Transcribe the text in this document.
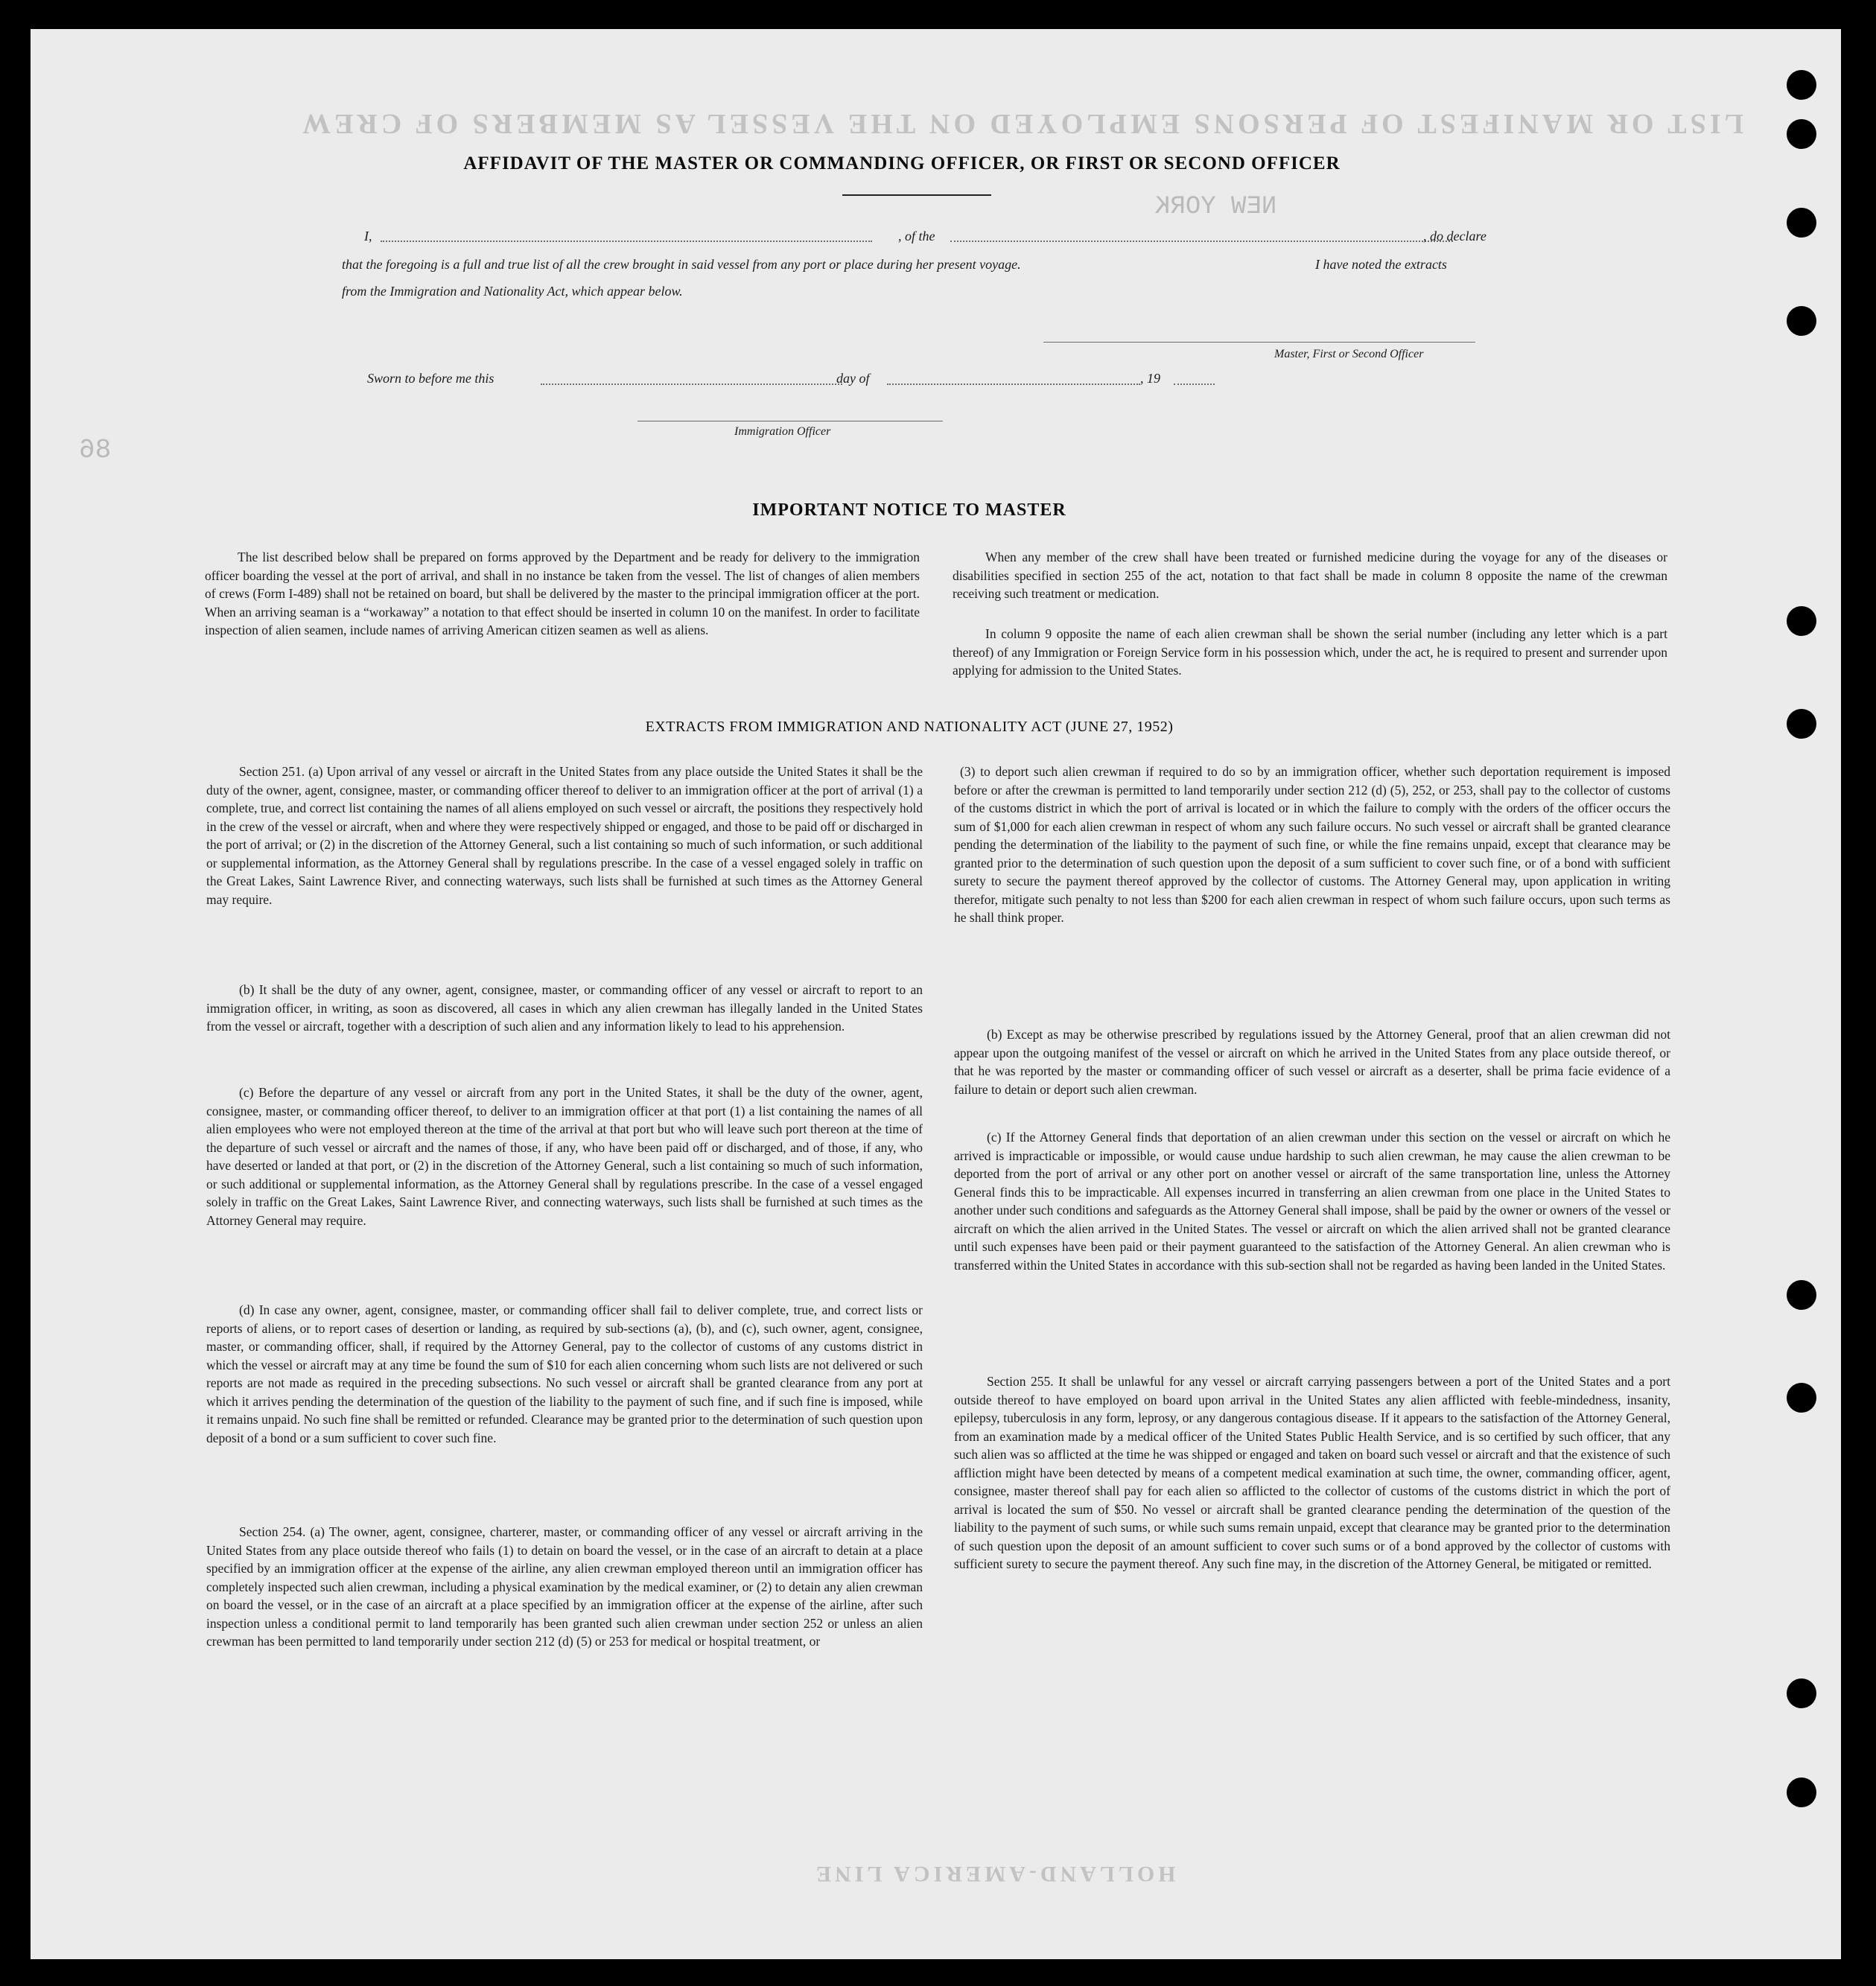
LIST OR MANIFEST OF PERSONS EMPLOYED ON THE VESSEL AS MEMBERS OF CREW
NEW YORK
86
HOLLAND-AMERICA LINE
AFFIDAVIT OF THE MASTER OR COMMANDING OFFICER, OR FIRST OR SECOND OFFICER
I,	, of the	, do declare
that the foregoing is a full and true list of all the crew brought in said vessel from any port or place during her present voyage.	I have noted the extracts
from the Immigration and Nationality Act, which appear below.
Master, First or Second Officer
Sworn to before me this	day of	, 19
Immigration Officer
IMPORTANT NOTICE TO MASTER
The list described below shall be prepared on forms approved by the Department and be ready for delivery to the immigration officer boarding the vessel at the port of arrival, and shall in no instance be taken from the vessel. The list of changes of alien members of crews (Form I-489) shall not be retained on board, but shall be delivered by the master to the principal immigration officer at the port. When an arriving seaman is a “workaway” a notation to that effect should be inserted in column 10 on the manifest. In order to facilitate inspection of alien seamen, include names of arriving American citizen seamen as well as aliens.
When any member of the crew shall have been treated or furnished medicine during the voyage for any of the diseases or disabilities specified in section 255 of the act, notation to that fact shall be made in column 8 opposite the name of the crewman receiving such treatment or medication.
In column 9 opposite the name of each alien crewman shall be shown the serial number (including any letter which is a part thereof) of any Immigration or Foreign Service form in his possession which, under the act, he is required to present and surrender upon applying for admission to the United States.
EXTRACTS FROM IMMIGRATION AND NATIONALITY ACT (JUNE 27, 1952)
Section 251. (a) Upon arrival of any vessel or aircraft in the United States from any place outside the United States it shall be the duty of the owner, agent, consignee, master, or commanding officer thereof to deliver to an immigration officer at the port of arrival (1) a complete, true, and correct list containing the names of all aliens employed on such vessel or aircraft, the positions they respectively hold in the crew of the vessel or aircraft, when and where they were respectively shipped or engaged, and those to be paid off or discharged in the port of arrival; or (2) in the discretion of the Attorney General, such a list containing so much of such information, or such additional or supplemental information, as the Attorney General shall by regulations prescribe. In the case of a vessel engaged solely in traffic on the Great Lakes, Saint Lawrence River, and connecting waterways, such lists shall be furnished at such times as the Attorney General may require.
(b) It shall be the duty of any owner, agent, consignee, master, or commanding officer of any vessel or aircraft to report to an immigration officer, in writing, as soon as discovered, all cases in which any alien crewman has illegally landed in the United States from the vessel or aircraft, together with a description of such alien and any information likely to lead to his apprehension.
(c) Before the departure of any vessel or aircraft from any port in the United States, it shall be the duty of the owner, agent, consignee, master, or commanding officer thereof, to deliver to an immigration officer at that port (1) a list containing the names of all alien employees who were not employed thereon at the time of the arrival at that port but who will leave such port thereon at the time of the departure of such vessel or aircraft and the names of those, if any, who have been paid off or discharged, and of those, if any, who have deserted or landed at that port, or (2) in the discretion of the Attorney General, such a list containing so much of such information, or such additional or supplemental information, as the Attorney General shall by regulations prescribe. In the case of a vessel engaged solely in traffic on the Great Lakes, Saint Lawrence River, and connecting waterways, such lists shall be furnished at such times as the Attorney General may require.
(d) In case any owner, agent, consignee, master, or commanding officer shall fail to deliver complete, true, and correct lists or reports of aliens, or to report cases of desertion or landing, as required by sub-sections (a), (b), and (c), such owner, agent, consignee, master, or commanding officer, shall, if required by the Attorney General, pay to the collector of customs of any customs district in which the vessel or aircraft may at any time be found the sum of $10 for each alien concerning whom such lists are not delivered or such reports are not made as required in the preceding subsections. No such vessel or aircraft shall be granted clearance from any port at which it arrives pending the determination of the question of the liability to the payment of such fine, and if such fine is imposed, while it remains unpaid. No such fine shall be remitted or refunded. Clearance may be granted prior to the determination of such question upon deposit of a bond or a sum sufficient to cover such fine.
Section 254. (a) The owner, agent, consignee, charterer, master, or commanding officer of any vessel or aircraft arriving in the United States from any place outside thereof who fails (1) to detain on board the vessel, or in the case of an aircraft to detain at a place specified by an immigration officer at the expense of the airline, any alien crewman employed thereon until an immigration officer has completely inspected such alien crewman, including a physical examination by the medical examiner, or (2) to detain any alien crewman on board the vessel, or in the case of an aircraft at a place specified by an immigration officer at the expense of the airline, after such inspection unless a conditional permit to land temporarily has been granted such alien crewman under section 252 or unless an alien crewman has been permitted to land temporarily under section 212 (d) (5) or 253 for medical or hospital treatment, or
(3) to deport such alien crewman if required to do so by an immigration officer, whether such deportation requirement is imposed before or after the crewman is permitted to land temporarily under section 212 (d) (5), 252, or 253, shall pay to the collector of customs of the customs district in which the port of arrival is located or in which the failure to comply with the orders of the officer occurs the sum of $1,000 for each alien crewman in respect of whom any such failure occurs. No such vessel or aircraft shall be granted clearance pending the determination of the liability to the payment of such fine, or while the fine remains unpaid, except that clearance may be granted prior to the determination of such question upon the deposit of a sum sufficient to cover such fine, or of a bond with sufficient surety to secure the payment thereof approved by the collector of customs. The Attorney General may, upon application in writing therefor, mitigate such penalty to not less than $200 for each alien crewman in respect of whom such failure occurs, upon such terms as he shall think proper.
(b) Except as may be otherwise prescribed by regulations issued by the Attorney General, proof that an alien crewman did not appear upon the outgoing manifest of the vessel or aircraft on which he arrived in the United States from any place outside thereof, or that he was reported by the master or commanding officer of such vessel or aircraft as a deserter, shall be prima facie evidence of a failure to detain or deport such alien crewman.
(c) If the Attorney General finds that deportation of an alien crewman under this section on the vessel or aircraft on which he arrived is impracticable or impossible, or would cause undue hardship to such alien crewman, he may cause the alien crewman to be deported from the port of arrival or any other port on another vessel or aircraft of the same transportation line, unless the Attorney General finds this to be impracticable. All expenses incurred in transferring an alien crewman from one place in the United States to another under such conditions and safeguards as the Attorney General shall impose, shall be paid by the owner or owners of the vessel or aircraft on which the alien arrived in the United States. The vessel or aircraft on which the alien arrived shall not be granted clearance until such expenses have been paid or their payment guaranteed to the satisfaction of the Attorney General. An alien crewman who is transferred within the United States in accordance with this sub-section shall not be regarded as having been landed in the United States.
Section 255. It shall be unlawful for any vessel or aircraft carrying passengers between a port of the United States and a port outside thereof to have employed on board upon arrival in the United States any alien afflicted with feeble-mindedness, insanity, epilepsy, tuberculosis in any form, leprosy, or any dangerous contagious disease. If it appears to the satisfaction of the Attorney General, from an examination made by a medical officer of the United States Public Health Service, and is so certified by such officer, that any such alien was so afflicted at the time he was shipped or engaged and taken on board such vessel or aircraft and that the existence of such affliction might have been detected by means of a competent medical examination at such time, the owner, commanding officer, agent, consignee, master thereof shall pay for each alien so afflicted to the collector of customs of the customs district in which the port of arrival is located the sum of $50. No vessel or aircraft shall be granted clearance pending the determination of the question of the liability to the payment of such sums, or while such sums remain unpaid, except that clearance may be granted prior to the determination of such question upon the deposit of an amount sufficient to cover such sums or of a bond approved by the collector of customs with sufficient surety to secure the payment thereof. Any such fine may, in the discretion of the Attorney General, be mitigated or remitted.
